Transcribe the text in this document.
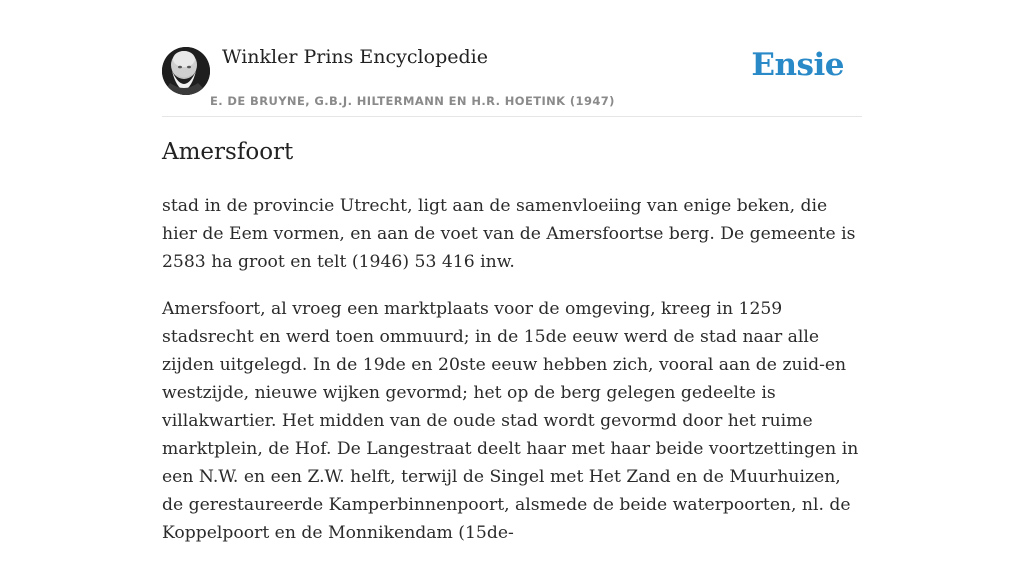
Winkler Prins Encyclopedie
E. DE BRUYNE, G.B.J. HILTERMANN EN H.R. HOETINK (1947)
Ensie
Amersfoort

stad in de provincie Utrecht, ligt aan de samenvloeiing van enige beken, die hier de Eem vormen, en aan de voet van de Amersfoortse berg. De gemeente is 2583 ha groot en telt (1946) 53 416 inw.

Amersfoort, al vroeg een marktplaats voor de omgeving, kreeg in 1259 stadsrecht en werd toen ommuurd; in de 15de eeuw werd de stad naar alle zijden uitgelegd. In de 19de en 20ste eeuw hebben zich, vooral aan de zuid-en westzijde, nieuwe wijken gevormd; het op de berg gelegen gedeelte is villakwartier. Het midden van de oude stad wordt gevormd door het ruime marktplein, de Hof. De Langestraat deelt haar met haar beide voortzettingen in een N.W. en een Z.W. helft, terwijl de Singel met Het Zand en de Muurhuizen, de gerestaureerde Kamperbinnenpoort, alsmede de beide waterpoorten, nl. de Koppelpoort en de Monnikendam (15de-
